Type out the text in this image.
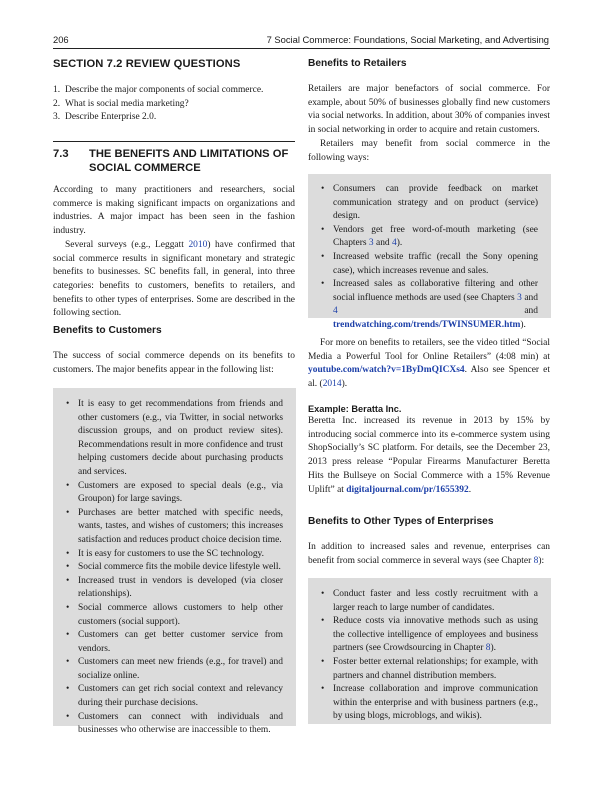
206	7 Social Commerce: Foundations, Social Marketing, and Advertising
SECTION 7.2 REVIEW QUESTIONS
1. Describe the major components of social commerce.
2. What is social media marketing?
3. Describe Enterprise 2.0.
7.3 THE BENEFITS AND LIMITATIONS OF SOCIAL COMMERCE

According to many practitioners and researchers, social commerce is making significant impacts on organizations and industries. A major impact has been seen in the fashion industry.

Several surveys (e.g., Leggatt 2010) have confirmed that social commerce results in significant monetary and strategic benefits to businesses. SC benefits fall, in general, into three categories: benefits to customers, benefits to retailers, and benefits to other types of enterprises. Some are described in the following section.

Benefits to Customers

The success of social commerce depends on its benefits to customers. The major benefits appear in the following list:

• It is easy to get recommendations from friends and other customers (e.g., via Twitter, in social networks discussion groups, and on product review sites). Recommendations result in more confidence and trust helping customers decide about purchasing products and services.
• Customers are exposed to special deals (e.g., via Groupon) for large savings.
• Purchases are better matched with specific needs, wants, tastes, and wishes of customers; this increases satisfaction and reduces product choice decision time.
• It is easy for customers to use the SC technology.
• Social commerce fits the mobile device lifestyle well.
• Increased trust in vendors is developed (via closer relationships).
• Social commerce allows customers to help other customers (social support).
• Customers can get better customer service from vendors.
• Customers can meet new friends (e.g., for travel) and socialize online.
• Customers can get rich social context and relevancy during their purchase decisions.
• Customers can connect with individuals and businesses who otherwise are inaccessible to them.
Benefits to Retailers

Retailers are major benefactors of social commerce. For example, about 50% of businesses globally find new customers via social networks. In addition, about 30% of companies invest in social networking in order to acquire and retain customers.

Retailers may benefit from social commerce in the following ways:

• Consumers can provide feedback on market communication strategy and on product (service) design.
• Vendors get free word-of-mouth marketing (see Chapters 3 and 4).
• Increased website traffic (recall the Sony opening case), which increases revenue and sales.
• Increased sales as collaborative filtering and other social influence methods are used (see Chapters 3 and 4 and trendwatching.com/trends/TWINSUMER.htm).

For more on benefits to retailers, see the video titled “Social Media a Powerful Tool for Online Retailers” (4:08 min) at youtube.com/watch?v=1ByDmQICXs4. Also see Spencer et al. (2014).

Example: Beratta Inc.

Beretta Inc. increased its revenue in 2013 by 15% by introducing social commerce into its e-commerce system using ShopSocially’s SC platform. For details, see the December 23, 2013 press release “Popular Firearms Manufacturer Beretta Hits the Bullseye on Social Commerce with a 15% Revenue Uplift” at digitaljournal.com/pr/1655392.

Benefits to Other Types of Enterprises

In addition to increased sales and revenue, enterprises can benefit from social commerce in several ways (see Chapter 8):

• Conduct faster and less costly recruitment with a larger reach to large number of candidates.
• Reduce costs via innovative methods such as using the collective intelligence of employees and business partners (see Crowdsourcing in Chapter 8).
• Foster better external relationships; for example, with partners and channel distribution members.
• Increase collaboration and improve communication within the enterprise and with business partners (e.g., by using blogs, microblogs, and wikis).
